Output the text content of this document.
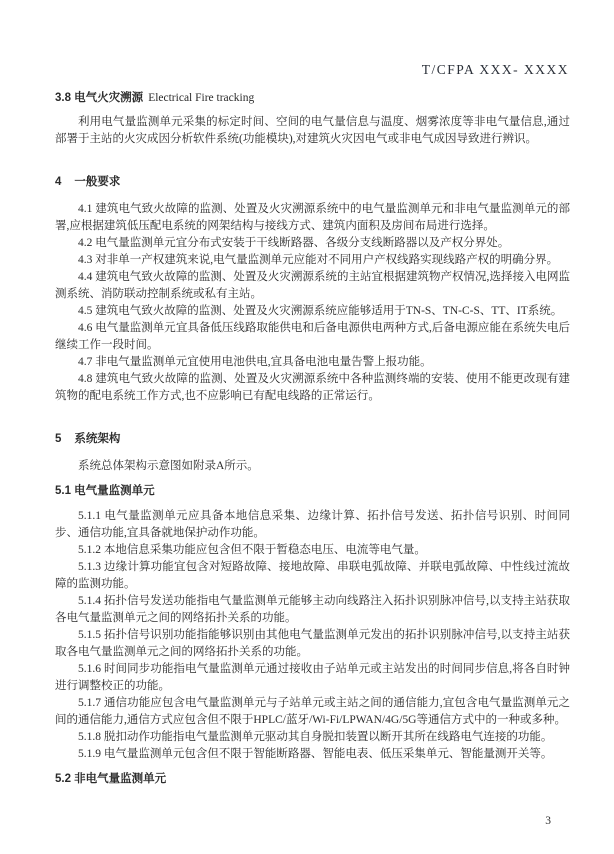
T/CFPA XXX- XXXX

3.8 电气火灾溯源 Electrical Fire tracking

利用电气量监测单元采集的标定时间、空间的电气量信息与温度、烟雾浓度等非电气量信息,通过部署于主站的火灾成因分析软件系统(功能模块),对建筑火灾因电气或非电气成因导致进行辨识。

4 一般要求

4.1 建筑电气致火故障的监测、处置及火灾溯源系统中的电气量监测单元和非电气量监测单元的部署,应根据建筑低压配电系统的网架结构与接线方式、建筑内面积及房间布局进行选择。

4.2 电气量监测单元宜分布式安装于干线断路器、各级分支线断路器以及产权分界处。

4.3 对非单一产权建筑来说,电气量监测单元应能对不同用户产权线路实现线路产权的明确分界。

4.4 建筑电气致火故障的监测、处置及火灾溯源系统的主站宜根据建筑物产权情况,选择接入电网监测系统、消防联动控制系统或私有主站。

4.5 建筑电气致火故障的监测、处置及火灾溯源系统应能够适用于TN-S、TN-C-S、TT、IT系统。

4.6 电气量监测单元宜具备低压线路取能供电和后备电源供电两种方式,后备电源应能在系统失电后继续工作一段时间。

4.7 非电气量监测单元宜使用电池供电,宜具备电池电量告警上报功能。

4.8 建筑电气致火故障的监测、处置及火灾溯源系统中各种监测终端的安装、使用不能更改现有建筑物的配电系统工作方式,也不应影响已有配电线路的正常运行。

5 系统架构

系统总体架构示意图如附录A所示。

5.1 电气量监测单元

5.1.1 电气量监测单元应具备本地信息采集、边缘计算、拓扑信号发送、拓扑信号识别、时间同步、通信功能,宜具备就地保护动作功能。

5.1.2 本地信息采集功能应包含但不限于暂稳态电压、电流等电气量。

5.1.3 边缘计算功能宜包含对短路故障、接地故障、串联电弧故障、并联电弧故障、中性线过流故障的监测功能。

5.1.4 拓扑信号发送功能指电气量监测单元能够主动向线路注入拓扑识别脉冲信号,以支持主站获取各电气量监测单元之间的网络拓扑关系的功能。

5.1.5 拓扑信号识别功能指能够识别由其他电气量监测单元发出的拓扑识别脉冲信号,以支持主站获取各电气量监测单元之间的网络拓扑关系的功能。

5.1.6 时间同步功能指电气量监测单元通过接收由子站单元或主站发出的时间同步信息,将各自时钟进行调整校正的功能。

5.1.7 通信功能应包含电气量监测单元与子站单元或主站之间的通信能力,宜包含电气量监测单元之间的通信能力,通信方式应包含但不限于HPLC/蓝牙/Wi-Fi/LPWAN/4G/5G等通信方式中的一种或多种。

5.1.8 脱扣动作功能指电气量监测单元驱动其自身脱扣装置以断开其所在线路电气连接的功能。

5.1.9 电气量监测单元包含但不限于智能断路器、智能电表、低压采集单元、智能量测开关等。

5.2 非电气量监测单元

3
